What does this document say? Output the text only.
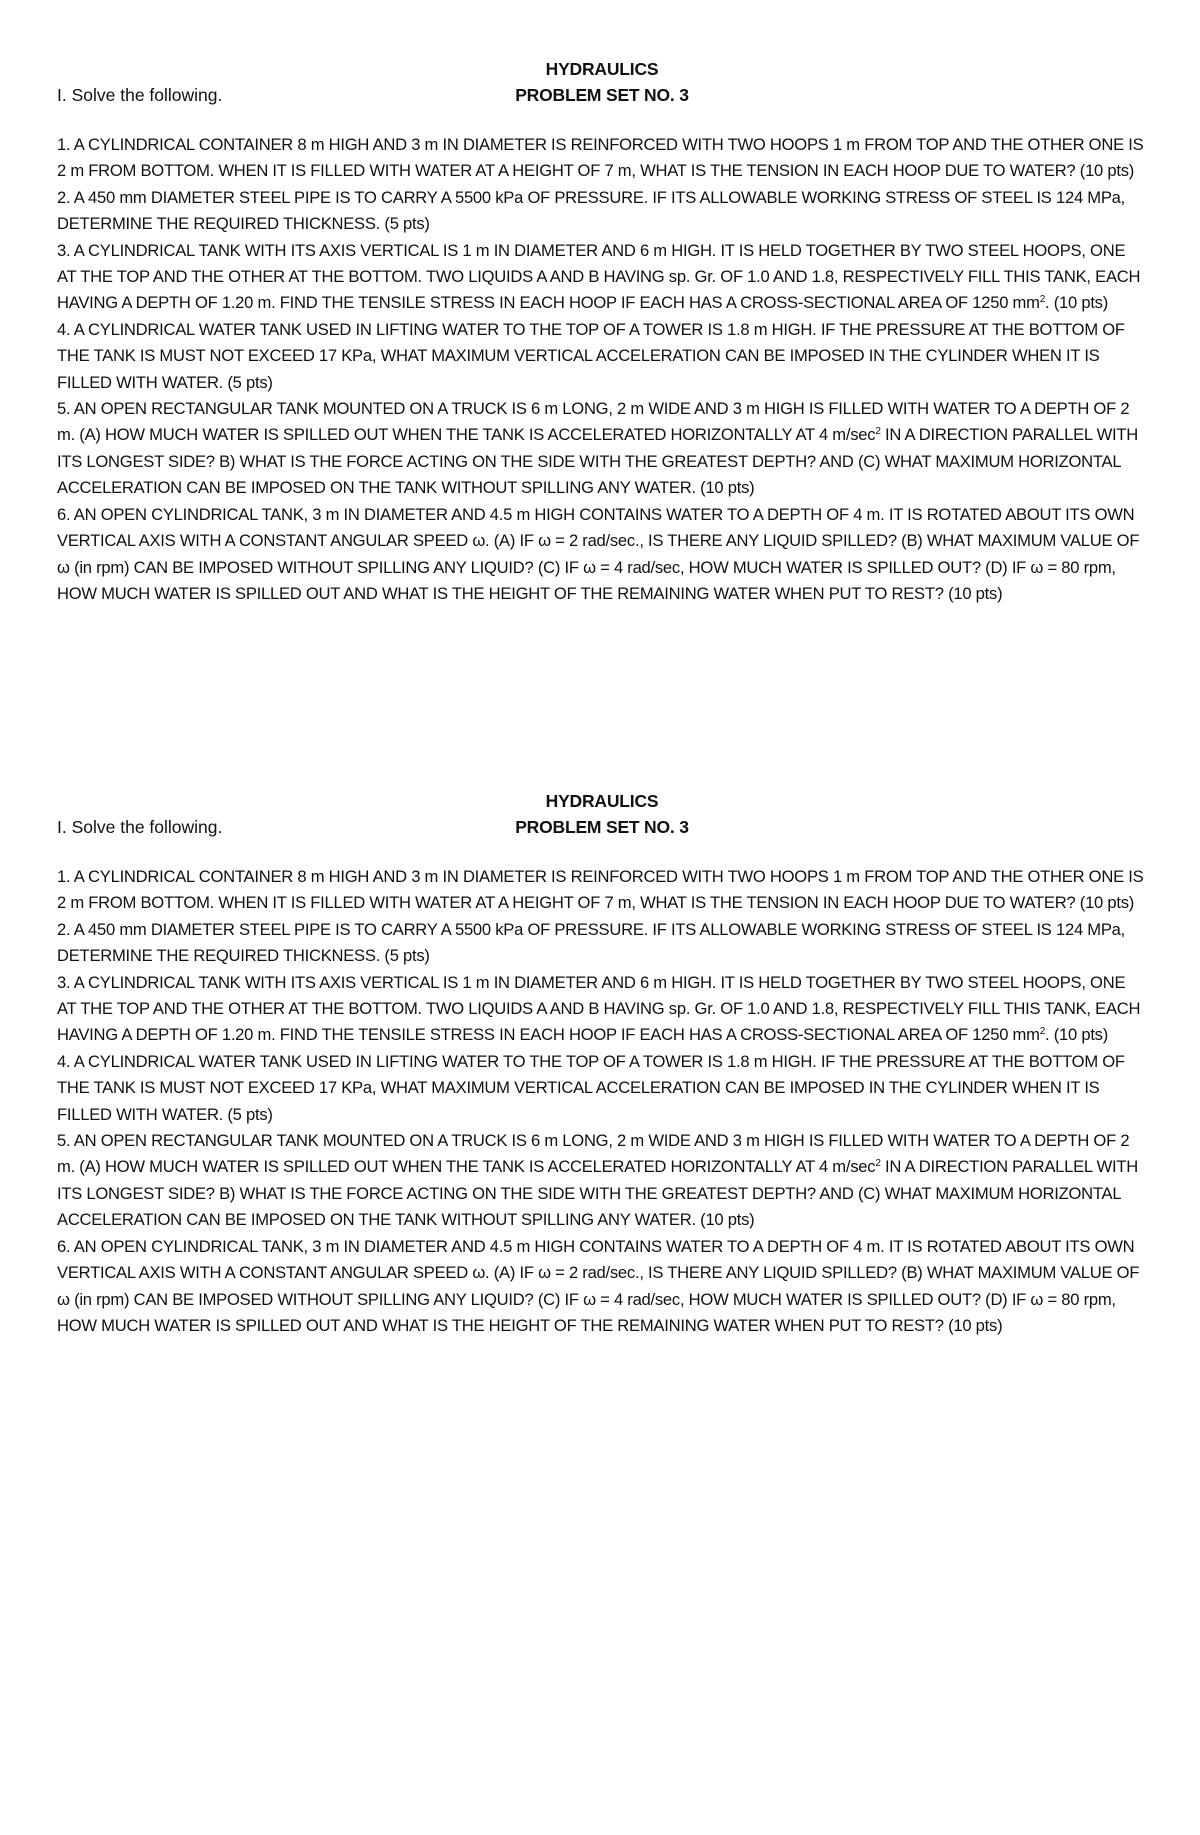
HYDRAULICS
PROBLEM SET NO. 3
I. Solve the following.

1. A CYLINDRICAL CONTAINER 8 m HIGH AND 3 m IN DIAMETER IS REINFORCED WITH TWO HOOPS 1 m FROM TOP AND THE OTHER ONE IS 2 m FROM BOTTOM. WHEN IT IS FILLED WITH WATER AT A HEIGHT OF 7 m, WHAT IS THE TENSION IN EACH HOOP DUE TO WATER? (10 pts)

2. A 450 mm DIAMETER STEEL PIPE IS TO CARRY A 5500 kPa OF PRESSURE. IF ITS ALLOWABLE WORKING STRESS OF STEEL IS 124 MPa, DETERMINE THE REQUIRED THICKNESS. (5 pts)

3. A CYLINDRICAL TANK WITH ITS AXIS VERTICAL IS 1 m IN DIAMETER AND 6 m HIGH. IT IS HELD TOGETHER BY TWO STEEL HOOPS, ONE AT THE TOP AND THE OTHER AT THE BOTTOM. TWO LIQUIDS A AND B HAVING sp. Gr. OF 1.0 AND 1.8, RESPECTIVELY FILL THIS TANK, EACH HAVING A DEPTH OF 1.20 m. FIND THE TENSILE STRESS IN EACH HOOP IF EACH HAS A CROSS-SECTIONAL AREA OF 1250 $mm^2$. (10 pts)

4. A CYLINDRICAL WATER TANK USED IN LIFTING WATER TO THE TOP OF A TOWER IS 1.8 m HIGH. IF THE PRESSURE AT THE BOTTOM OF THE TANK IS MUST NOT EXCEED 17 KPa, WHAT MAXIMUM VERTICAL ACCELERATION CAN BE IMPOSED IN THE CYLINDER WHEN IT IS FILLED WITH WATER. (5 pts)

5. AN OPEN RECTANGULAR TANK MOUNTED ON A TRUCK IS 6 m LONG, 2 m WIDE AND 3 m HIGH IS FILLED WITH WATER TO A DEPTH OF 2 m. (A) HOW MUCH WATER IS SPILLED OUT WHEN THE TANK IS ACCELERATED HORIZONTALLY AT 4 $m/\sec^2$ IN A DIRECTION PARALLEL WITH ITS LONGEST SIDE? B) WHAT IS THE FORCE ACTING ON THE SIDE WITH THE GREATEST DEPTH? AND (C) WHAT MAXIMUM HORIZONTAL ACCELERATION CAN BE IMPOSED ON THE TANK WITHOUT SPILLING ANY WATER. (10 pts)

6. AN OPEN CYLINDRICAL TANK, 3 m IN DIAMETER AND 4.5 m HIGH CONTAINS WATER TO A DEPTH OF 4 m. IT IS ROTATED ABOUT ITS OWN VERTICAL AXIS WITH A CONSTANT ANGULAR SPEED ω. (A) IF ω = 2 rad/sec., IS THERE ANY LIQUID SPILLED? (B) WHAT MAXIMUM VALUE OF ω (in rpm) CAN BE IMPOSED WITHOUT SPILLING ANY LIQUID? (C) IF ω = 4 rad/sec, HOW MUCH WATER IS SPILLED OUT? (D) IF ω = 80 rpm, HOW MUCH WATER IS SPILLED OUT AND WHAT IS THE HEIGHT OF THE REMAINING WATER WHEN PUT TO REST? (10 pts)

HYDRAULICS
PROBLEM SET NO. 3
I. Solve the following.

1. A CYLINDRICAL CONTAINER 8 m HIGH AND 3 m IN DIAMETER IS REINFORCED WITH TWO HOOPS 1 m FROM TOP AND THE OTHER ONE IS 2 m FROM BOTTOM. WHEN IT IS FILLED WITH WATER AT A HEIGHT OF 7 m, WHAT IS THE TENSION IN EACH HOOP DUE TO WATER? (10 pts)

2. A 450 mm DIAMETER STEEL PIPE IS TO CARRY A 5500 kPa OF PRESSURE. IF ITS ALLOWABLE WORKING STRESS OF STEEL IS 124 MPa, DETERMINE THE REQUIRED THICKNESS. (5 pts)

3. A CYLINDRICAL TANK WITH ITS AXIS VERTICAL IS 1 m IN DIAMETER AND 6 m HIGH. IT IS HELD TOGETHER BY TWO STEEL HOOPS, ONE AT THE TOP AND THE OTHER AT THE BOTTOM. TWO LIQUIDS A AND B HAVING sp. Gr. OF 1.0 AND 1.8, RESPECTIVELY FILL THIS TANK, EACH HAVING A DEPTH OF 1.20 m. FIND THE TENSILE STRESS IN EACH HOOP IF EACH HAS A CROSS-SECTIONAL AREA OF 1250 $mm^2$. (10 pts)

4. A CYLINDRICAL WATER TANK USED IN LIFTING WATER TO THE TOP OF A TOWER IS 1.8 m HIGH. IF THE PRESSURE AT THE BOTTOM OF THE TANK IS MUST NOT EXCEED 17 KPa, WHAT MAXIMUM VERTICAL ACCELERATION CAN BE IMPOSED IN THE CYLINDER WHEN IT IS FILLED WITH WATER. (5 pts)

5. AN OPEN RECTANGULAR TANK MOUNTED ON A TRUCK IS 6 m LONG, 2 m WIDE AND 3 m HIGH IS FILLED WITH WATER TO A DEPTH OF 2 m. (A) HOW MUCH WATER IS SPILLED OUT WHEN THE TANK IS ACCELERATED HORIZONTALLY AT 4 $m/\sec^2$ IN A DIRECTION PARALLEL WITH ITS LONGEST SIDE? B) WHAT IS THE FORCE ACTING ON THE SIDE WITH THE GREATEST DEPTH? AND (C) WHAT MAXIMUM HORIZONTAL ACCELERATION CAN BE IMPOSED ON THE TANK WITHOUT SPILLING ANY WATER. (10 pts)

6. AN OPEN CYLINDRICAL TANK, 3 m IN DIAMETER AND 4.5 m HIGH CONTAINS WATER TO A DEPTH OF 4 m. IT IS ROTATED ABOUT ITS OWN VERTICAL AXIS WITH A CONSTANT ANGULAR SPEED ω. (A) IF ω = 2 rad/sec., IS THERE ANY LIQUID SPILLED? (B) WHAT MAXIMUM VALUE OF ω (in rpm) CAN BE IMPOSED WITHOUT SPILLING ANY LIQUID? (C) IF ω = 4 rad/sec, HOW MUCH WATER IS SPILLED OUT? (D) IF ω = 80 rpm, HOW MUCH WATER IS SPILLED OUT AND WHAT IS THE HEIGHT OF THE REMAINING WATER WHEN PUT TO REST? (10 pts)
